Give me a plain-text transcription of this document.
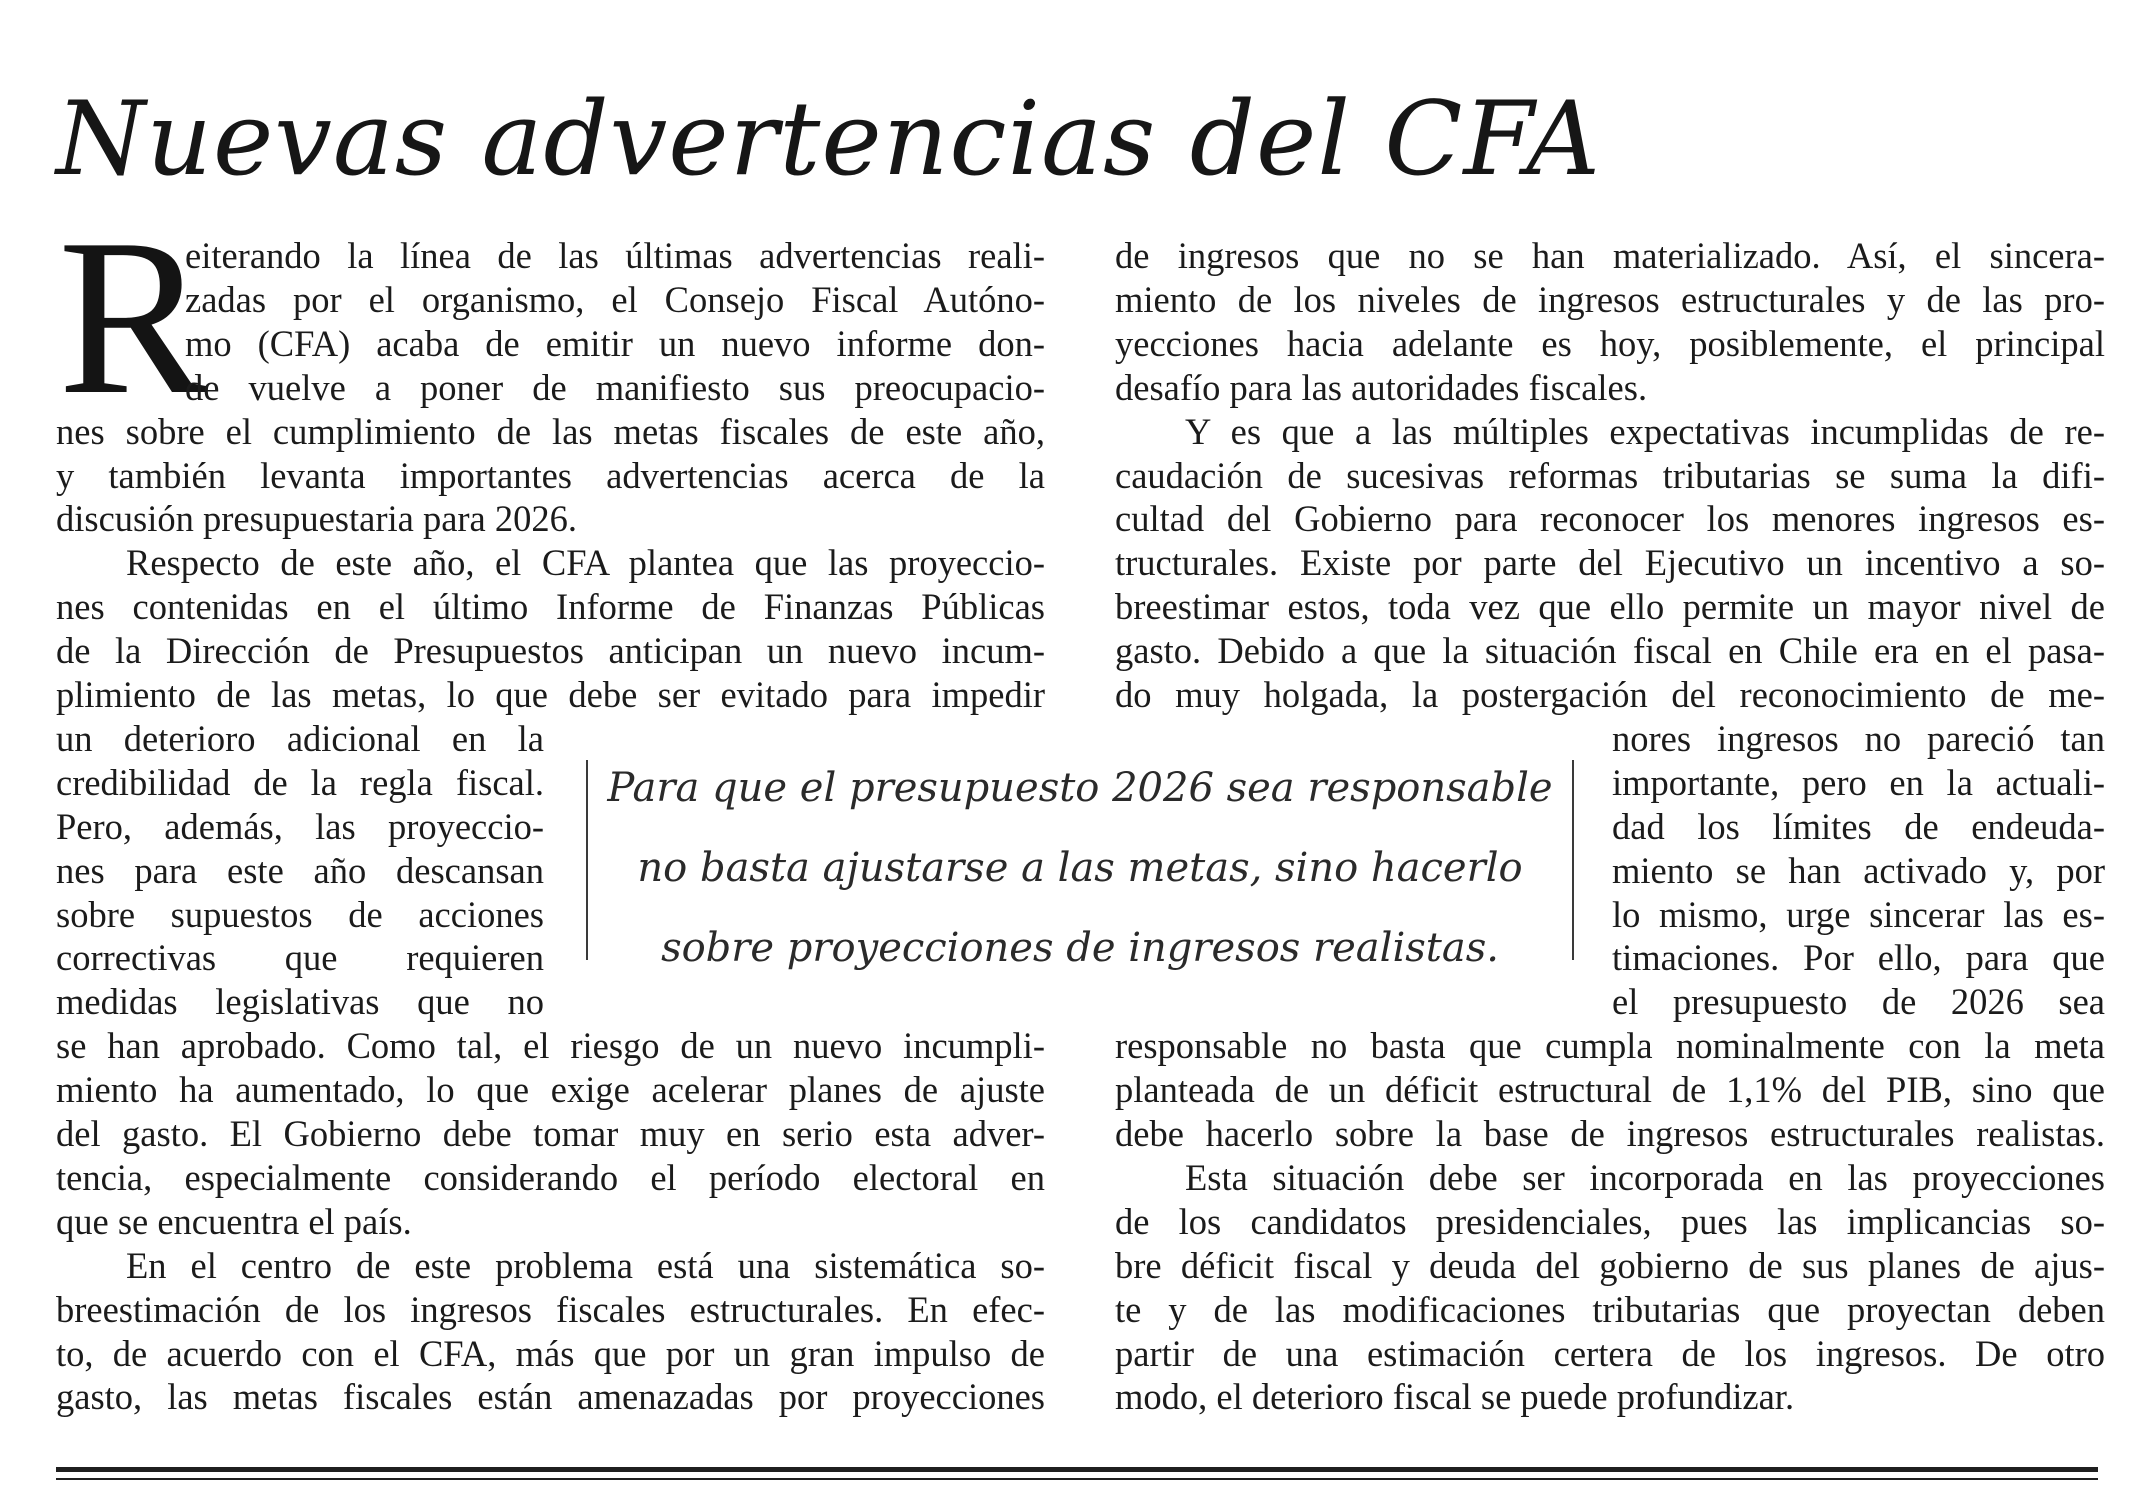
Nuevas advertencias del CFA
R
eiterando la línea de las últimas advertencias reali-
zadas por el organismo, el Consejo Fiscal Autóno-
mo (CFA) acaba de emitir un nuevo informe don-
de vuelve a poner de manifiesto sus preocupacio-
nes sobre el cumplimiento de las metas fiscales de este año,
y también levanta importantes advertencias acerca de la
discusión presupuestaria para 2026.
Respecto de este año, el CFA plantea que las proyeccio-
nes contenidas en el último Informe de Finanzas Públicas
de la Dirección de Presupuestos anticipan un nuevo incum-
plimiento de las metas, lo que debe ser evitado para impedir
un deterioro adicional en la
credibilidad de la regla fiscal.
Pero, además, las proyeccio-
nes para este año descansan
sobre supuestos de acciones
correctivas que requieren
medidas legislativas que no
se han aprobado. Como tal, el riesgo de un nuevo incumpli-
miento ha aumentado, lo que exige acelerar planes de ajuste
del gasto. El Gobierno debe tomar muy en serio esta adver-
tencia, especialmente considerando el período electoral en
que se encuentra el país.
En el centro de este problema está una sistemática so-
breestimación de los ingresos fiscales estructurales. En efec-
to, de acuerdo con el CFA, más que por un gran impulso de
gasto, las metas fiscales están amenazadas por proyecciones
de ingresos que no se han materializado. Así, el sincera-
miento de los niveles de ingresos estructurales y de las pro-
yecciones hacia adelante es hoy, posiblemente, el principal
desafío para las autoridades fiscales.
Y es que a las múltiples expectativas incumplidas de re-
caudación de sucesivas reformas tributarias se suma la difi-
cultad del Gobierno para reconocer los menores ingresos es-
tructurales. Existe por parte del Ejecutivo un incentivo a so-
breestimar estos, toda vez que ello permite un mayor nivel de
gasto. Debido a que la situación fiscal en Chile era en el pasa-
do muy holgada, la postergación del reconocimiento de me-
nores ingresos no pareció tan
importante, pero en la actuali-
dad los límites de endeuda-
miento se han activado y, por
lo mismo, urge sincerar las es-
timaciones. Por ello, para que
el presupuesto de 2026 sea
responsable no basta que cumpla nominalmente con la meta
planteada de un déficit estructural de 1,1% del PIB, sino que
debe hacerlo sobre la base de ingresos estructurales realistas.
Esta situación debe ser incorporada en las proyecciones
de los candidatos presidenciales, pues las implicancias so-
bre déficit fiscal y deuda del gobierno de sus planes de ajus-
te y de las modificaciones tributarias que proyectan deben
partir de una estimación certera de los ingresos. De otro
modo, el deterioro fiscal se puede profundizar.
Para que el presupuesto 2026 sea responsable
no basta ajustarse a las metas, sino hacerlo
sobre proyecciones de ingresos realistas.
